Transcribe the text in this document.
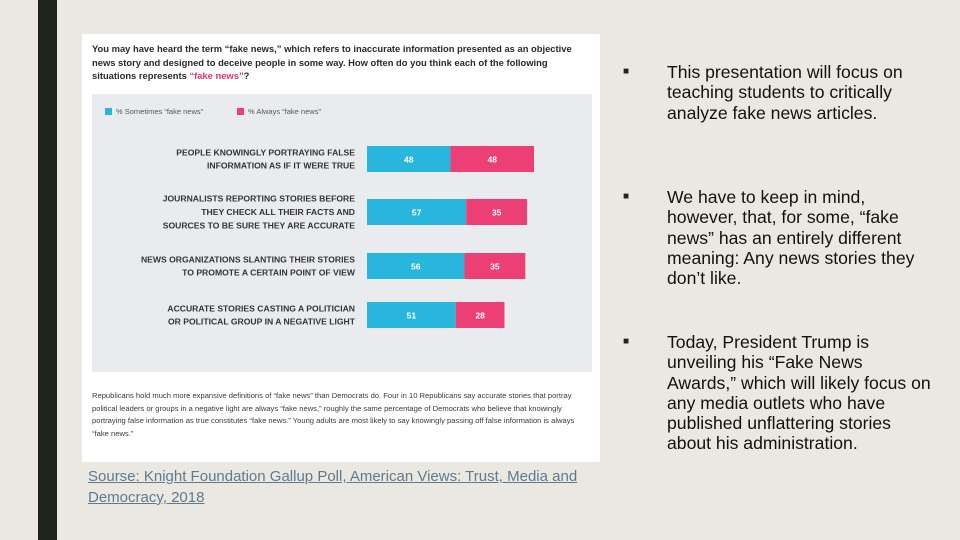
You may have heard the term “fake news,” which refers to inaccurate information presented as an objective news story and designed to deceive people in some way. How often do you think each of the following situations represents “fake news”?
% Sometimes “fake news”	% Always “fake news”
PEOPLE KNOWINGLY PORTRAYING FALSE INFORMATION AS IF IT WERE TRUE
48	48
JOURNALISTS REPORTING STORIES BEFORE THEY CHECK ALL THEIR FACTS AND SOURCES TO BE SURE THEY ARE ACCURATE
57	35
NEWS ORGANIZATIONS SLANTING THEIR STORIES TO PROMOTE A CERTAIN POINT OF VIEW
56	35
ACCURATE STORIES CASTING A POLITICIAN OR POLITICAL GROUP IN A NEGATIVE LIGHT
51	28
Republicans hold much more expansive definitions of “fake news” than Democrats do. Four in 10 Republicans say accurate stories that portray political leaders or groups in a negative light are always “fake news,” roughly the same percentage of Democrats who believe that knowingly portraying false information as true constitutes “fake news.” Young adults are most likely to say knowingly passing off false information is always “fake news.”
Sourse: Knight Foundation Gallup Poll, American Views: Trust, Media and Democracy, 2018
■	This presentation will focus on teaching students to critically analyze fake news articles.
■	We have to keep in mind, however, that, for some, “fake news” has an entirely different meaning: Any news stories they don’t like.
■	Today, President Trump is unveiling his “Fake News Awards,” which will likely focus on any media outlets who have published unflattering stories about his administration.
